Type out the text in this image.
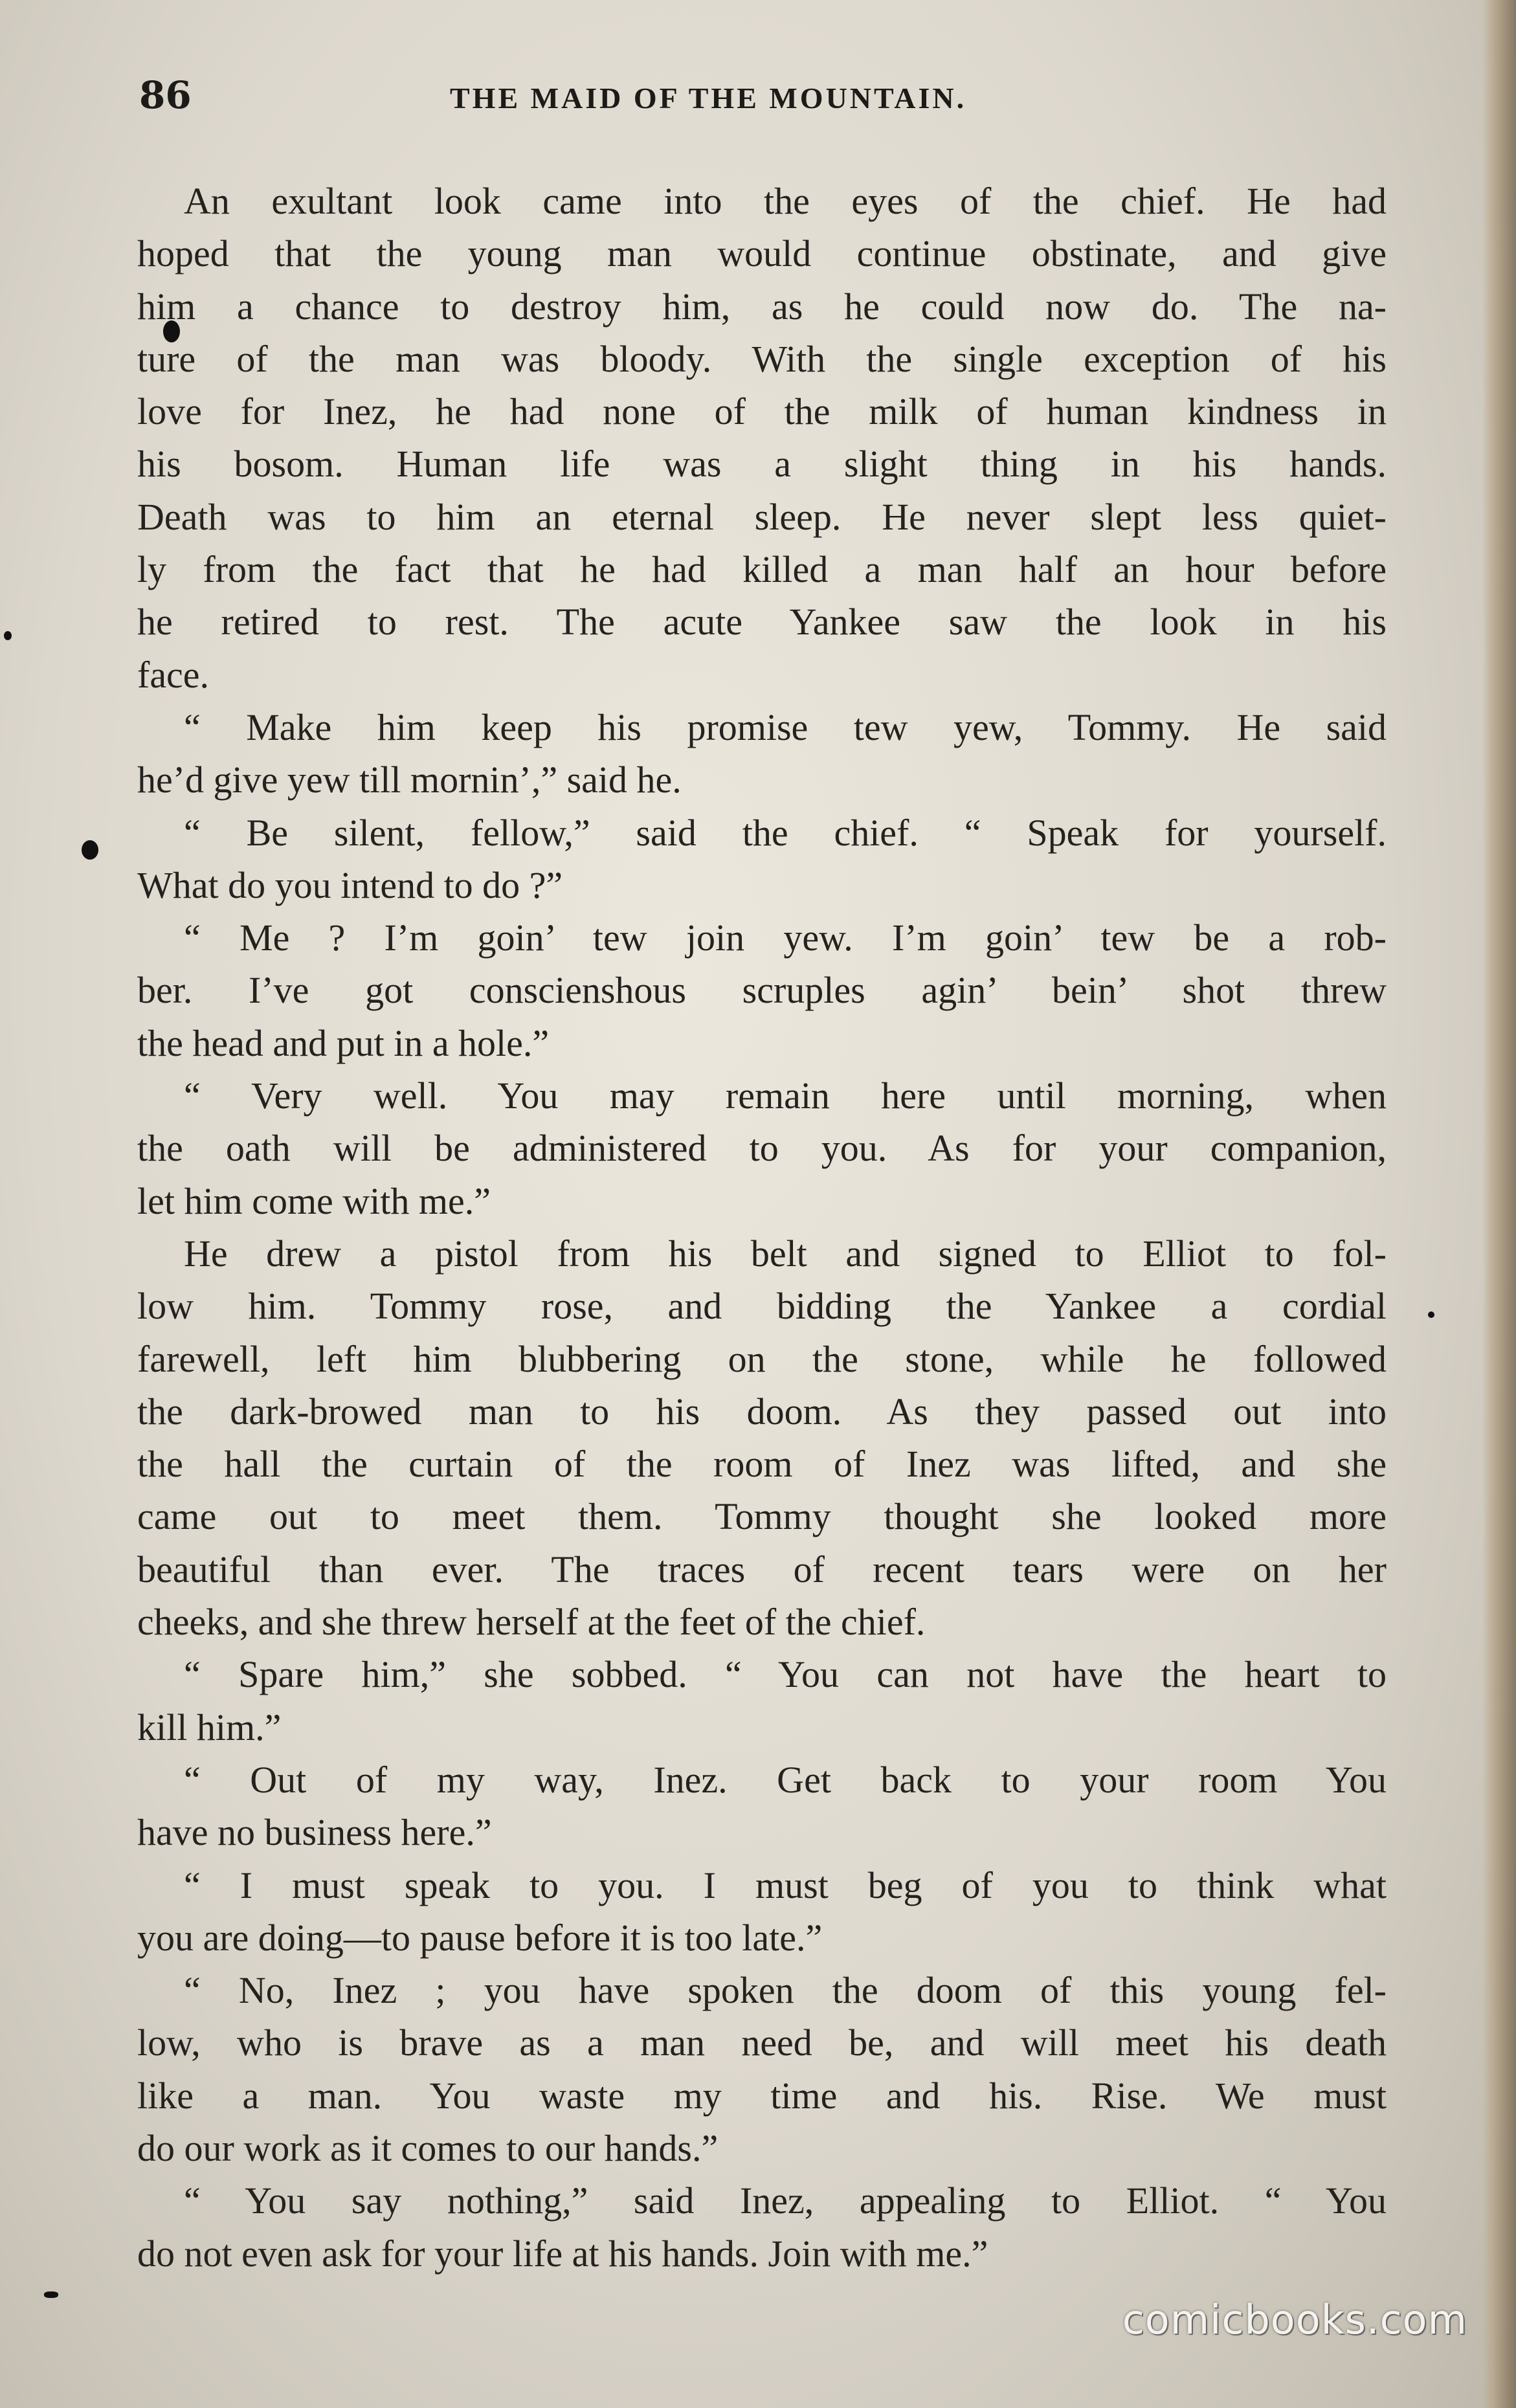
86	THE MAID OF THE MOUNTAIN.
An exultant look came into the eyes of the chief. He had
hoped that the young man would continue obstinate, and give
him a chance to destroy him, as he could now do. The na-
ture of the man was bloody. With the single exception of his
love for Inez, he had none of the milk of human kindness in
his bosom. Human life was a slight thing in his hands.
Death was to him an eternal sleep. He never slept less quiet-
ly from the fact that he had killed a man half an hour before
he retired to rest. The acute Yankee saw the look in his
face.
“ Make him keep his promise tew yew, Tommy. He said
he’d give yew till mornin’,” said he.
“ Be silent, fellow,” said the chief. “ Speak for yourself.
What do you intend to do ?”
“ Me ? I’m goin’ tew join yew. I’m goin’ tew be a rob-
ber. I’ve got conscienshous scruples agin’ bein’ shot threw
the head and put in a hole.”
“ Very well. You may remain here until morning, when
the oath will be administered to you. As for your companion,
let him come with me.”
He drew a pistol from his belt and signed to Elliot to fol-
low him. Tommy rose, and bidding the Yankee a cordial
farewell, left him blubbering on the stone, while he followed
the dark-browed man to his doom. As they passed out into
the hall the curtain of the room of Inez was lifted, and she
came out to meet them. Tommy thought she looked more
beautiful than ever. The traces of recent tears were on her
cheeks, and she threw herself at the feet of the chief.
“ Spare him,” she sobbed. “ You can not have the heart to
kill him.”
“ Out of my way, Inez. Get back to your room You
have no business here.”
“ I must speak to you. I must beg of you to think what
you are doing—to pause before it is too late.”
“ No, Inez ; you have spoken the doom of this young fel-
low, who is brave as a man need be, and will meet his death
like a man. You waste my time and his. Rise. We must
do our work as it comes to our hands.”
“ You say nothing,” said Inez, appealing to Elliot. “ You
do not even ask for your life at his hands. Join with me.”
comicbooks.com
